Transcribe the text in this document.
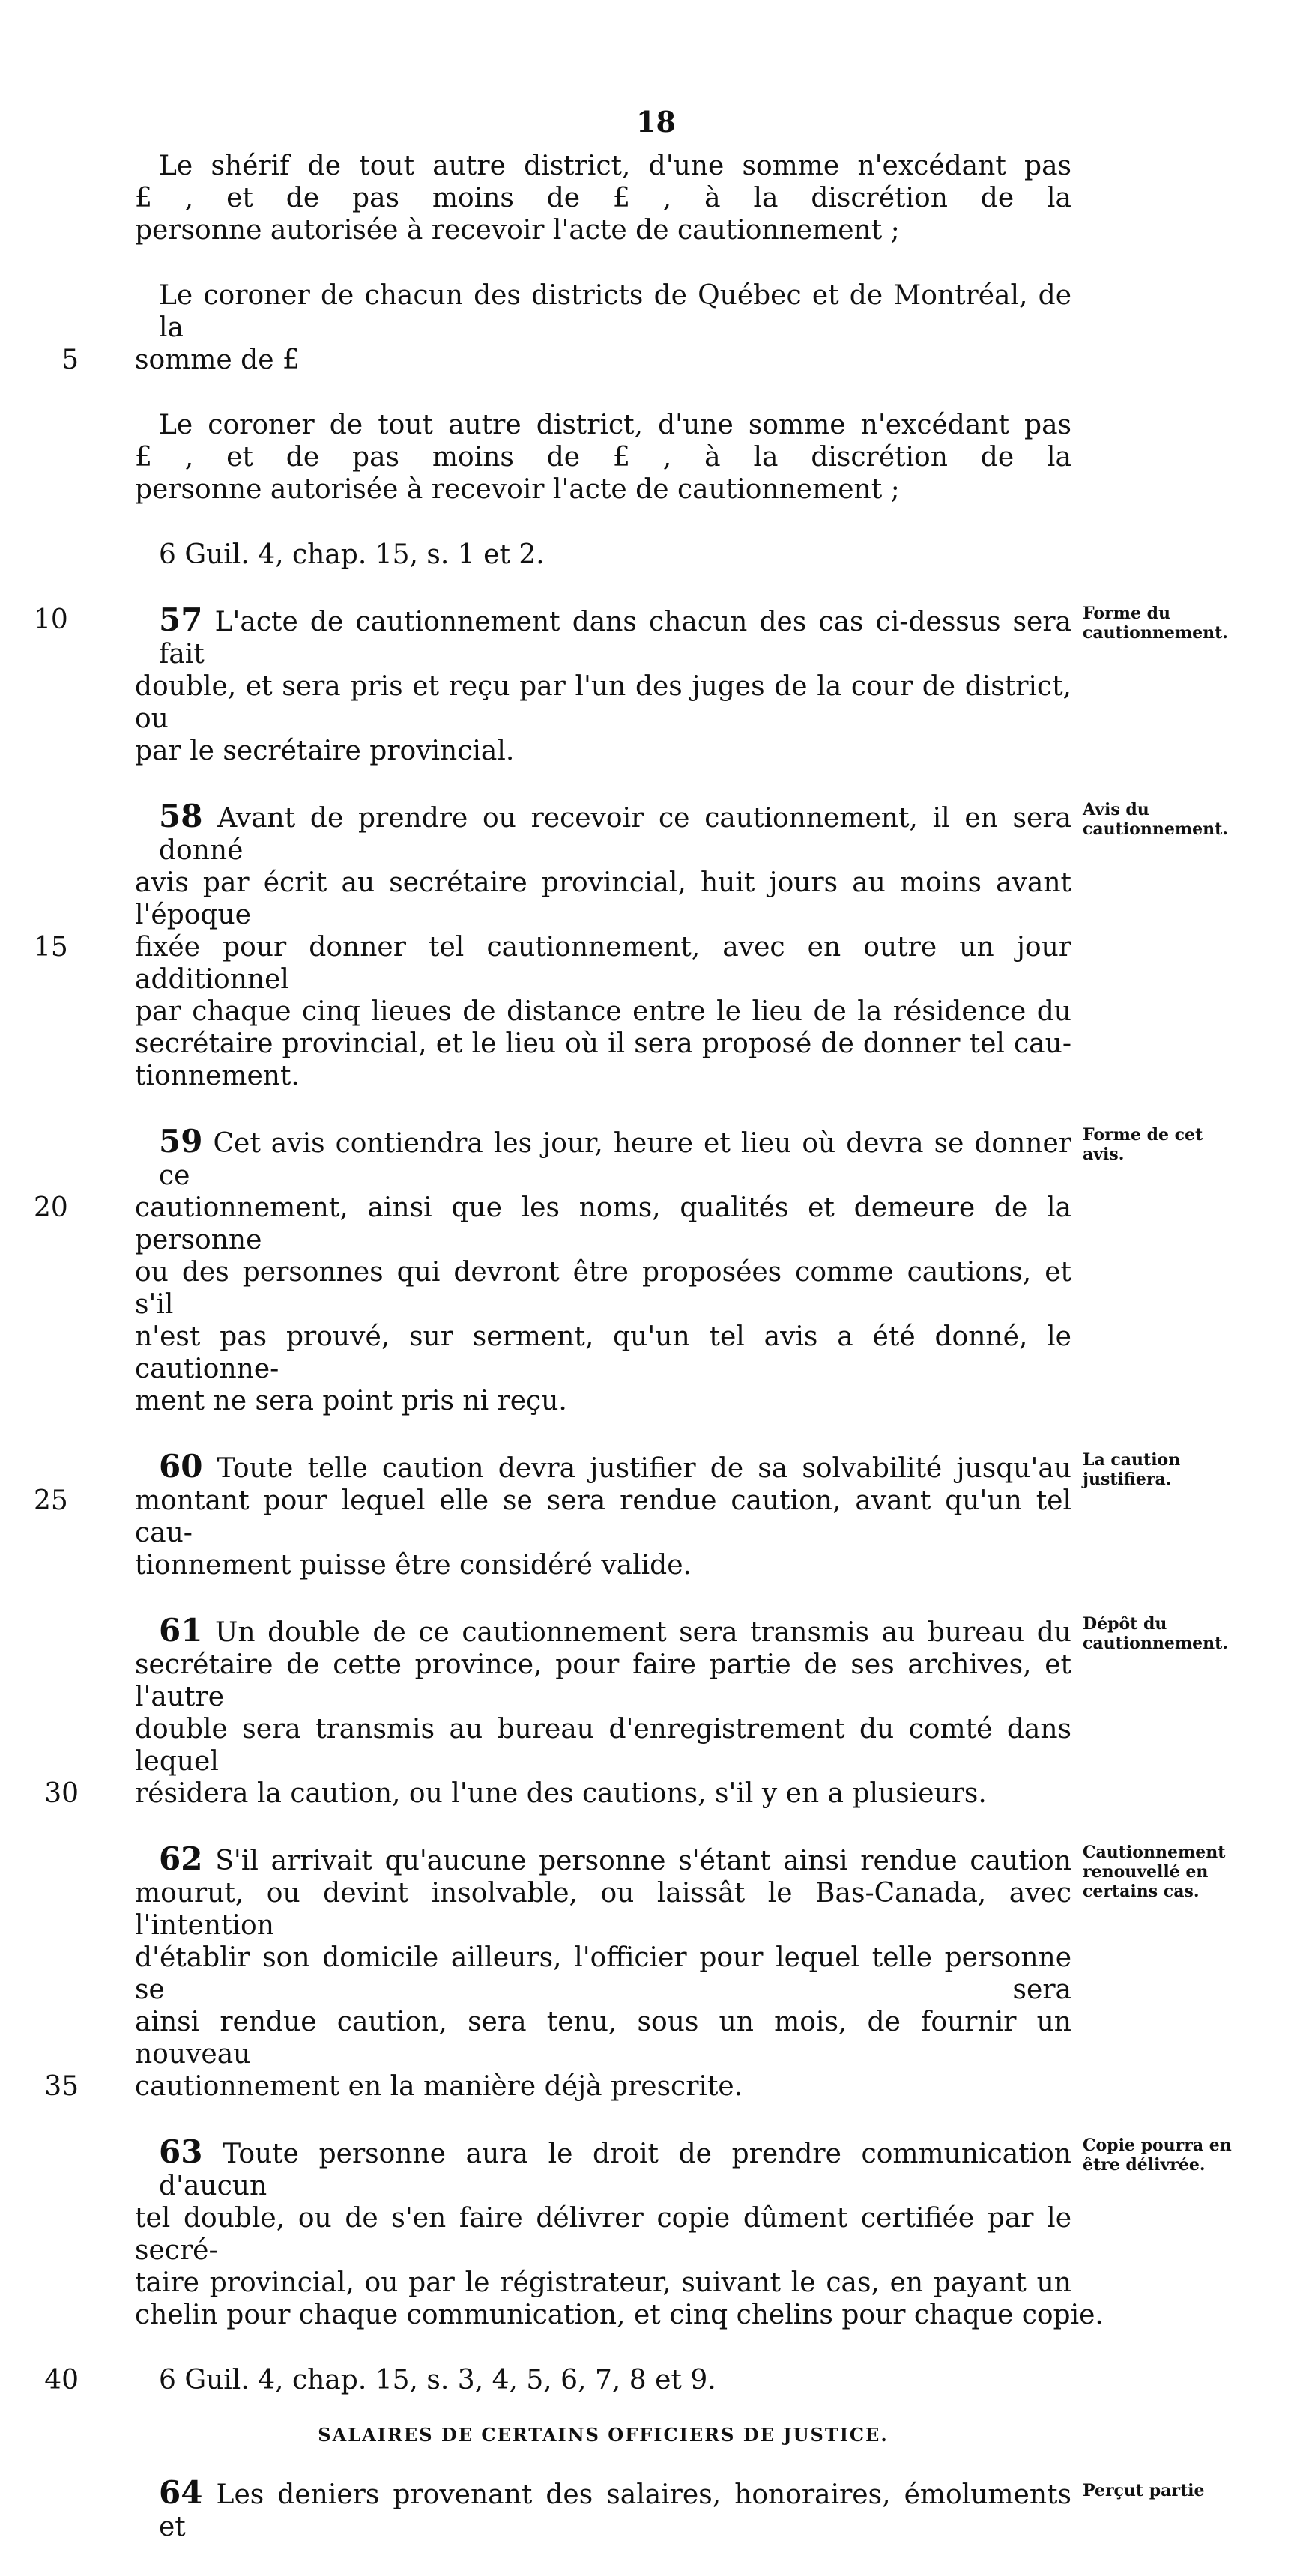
18
Le shérif de tout autre district, d'une somme n'excédant pas
£ , et de pas moins de £ , à la discrétion de la
personne autorisée à recevoir l'acte de cautionnement ;
Le coroner de chacun des districts de Québec et de Montréal, de la
5 somme de £
Le coroner de tout autre district, d'une somme n'excédant pas
£ , et de pas moins de £ , à la discrétion de la
personne autorisée à recevoir l'acte de cautionnement ;
6 Guil. 4, chap. 15, s. 1 et 2.
Forme du cautionnement.
10	57 L'acte de cautionnement dans chacun des cas ci-dessus sera fait
double, et sera pris et reçu par l'un des juges de la cour de district, ou
par le secrétaire provincial.
Avis du cautionnement.
58 Avant de prendre ou recevoir ce cautionnement, il en sera donné
avis par écrit au secrétaire provincial, huit jours au moins avant l'époque
15	fixée pour donner tel cautionnement, avec en outre un jour additionnel
par chaque cinq lieues de distance entre le lieu de la résidence du
secrétaire provincial, et le lieu où il sera proposé de donner tel cau-
tionnement.
Forme de cet avis.
59 Cet avis contiendra les jour, heure et lieu où devra se donner ce
20	cautionnement, ainsi que les noms, qualités et demeure de la personne
ou des personnes qui devront être proposées comme cautions, et s'il
n'est pas prouvé, sur serment, qu'un tel avis a été donné, le cautionne-
ment ne sera point pris ni reçu.
La caution justifiera.
60 Toute telle caution devra justifier de sa solvabilité jusqu'au
25	montant pour lequel elle se sera rendue caution, avant qu'un tel cau-
tionnement puisse être considéré valide.
Dépôt du cautionnement.
61 Un double de ce cautionnement sera transmis au bureau du
secrétaire de cette province, pour faire partie de ses archives, et l'autre
double sera transmis au bureau d'enregistrement du comté dans lequel
30 résidera la caution, ou l'une des cautions, s'il y en a plusieurs.
Cautionnement renouvellé en certains cas.
62 S'il arrivait qu'aucune personne s'étant ainsi rendue caution
mourut, ou devint insolvable, ou laissât le Bas-Canada, avec l'intention
d'établir son domicile ailleurs, l'officier pour lequel telle personne se sera
ainsi rendue caution, sera tenu, sous un mois, de fournir un nouveau
35 cautionnement en la manière déjà prescrite.
Copie pourra en être délivrée.
63 Toute personne aura le droit de prendre communication d'aucun
tel double, ou de s'en faire délivrer copie dûment certifiée par le secré-
taire provincial, ou par le régistrateur, suivant le cas, en payant un
chelin pour chaque communication, et cinq chelins pour chaque copie.
40	6 Guil. 4, chap. 15, s. 3, 4, 5, 6, 7, 8 et 9.
SALAIRES DE CERTAINS OFFICIERS DE JUSTICE.
Perçut partie
64 Les deniers provenant des salaires, honoraires, émoluments et
